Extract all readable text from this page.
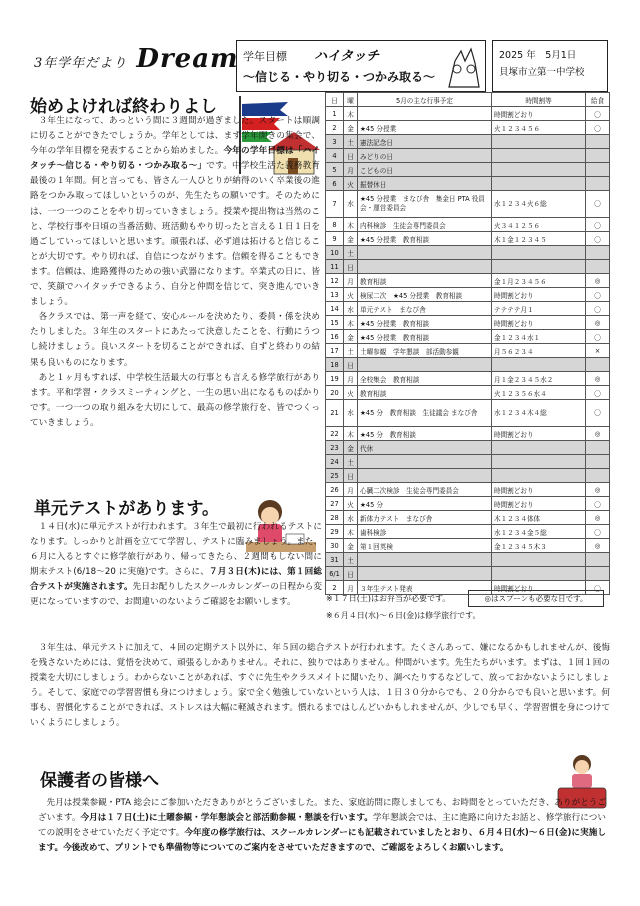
3年学年だより Dream 学年目標 ハイタッチ
～信じる・やり切る・つかみ取る～
2025 年　5月1日
貝塚市立第一中学校
始めよければ終わりよし

３年生になって、あっという間に３週間が過ぎました。スタートは順調に切ることができたでしょうか。学年としては、まず学年開きの集会で、今年の学年目標を発表することから始めました。今年の学年目標は「ハイタッチ～信じる・やり切る・つかみ取る～」です。中学校生活た義務教育最後の１年間。何と言っても、皆さん一人ひとりが納得のいく卒業後の進路をつかみ取ってほしいというのが、先生たちの願いです。そのためには、一つ一つのことをやり切っていきましょう。授業や提出物は当然のこと、学校行事や日頃の当番活動、班活動もやり切ったと言える１日１日を過ごしていってほしいと思います。頑張れば、必ず道は拓けると信じることが大切です。やり切れば、自信につながります。信頼を得ることもできます。信頼は、進路獲得のための強い武器になります。卒業式の日に、皆で、笑顔でハイタッチできるよう、自分と仲間を信じて、突き進んでいきましょう。

各クラスでは、第一声を経て、安心ルールを決めたり、委員・係を決めたりしました。３年生のスタートにあたって決意したことを、行動にうつし続けましょう。良いスタートを切ることができれば、自ずと終わりの結果も良いものになります。

あと１ヶ月もすれば、中学校生活最大の行事とも言える修学旅行があります。平和学習・クラスミーティングと、一生の思い出になるものばかりです。一つ一つの取り組みを大切にして、最高の修学旅行を、皆でつくっていきましょう。

単元テストがあります。

１４日(水)に単元テストが行われます。３年生で最初に行われるテストになります。しっかりと計画を立てて学習し、テストに臨みましょう。また、６月に入るとすぐに修学旅行があり、帰ってきたら、２週間もしない間に期末テスト(6/18～20 に実施)です。さらに、７月３日(木)には、第１回総合テストが実施されます。先日お配りしたスクールカレンダーの日程から変更になっていますので、お間違いのないようご確認をお願いします。

３年生は、単元テストに加えて、４回の定期テスト以外に、年５回の総合テストが行われます。たくさんあって、嫌になるかもしれませんが、後悔を残さないためには、覚悟を決めて、頑張るしかありません。それに、独りではありません。仲間がいます。先生たちがいます。まずは、１回１回の授業を大切にしましょう。わからないことがあれば、すぐに先生やクラスメイトに聞いたり、調べたりするなどして、放っておかないようにしましょう。そして、家庭での学習習慣も身につけましょう。家で全く勉強していないという人は、１日３０分からでも、２０分からでも良いと思います。何事も、習慣化することができれば、ストレスは大幅に軽減されます。慣れるまではしんどいかもしれませんが、少しでも早く、学習習慣を身につけていくようにしましょう。

保護者の皆様へ

先月は授業参観・PTA 総会にご参加いただきありがとうございました。また、家庭訪問に際しましても、お時間をとっていただき、ありがとうございます。今月は１７日(土)に土曜参観・学年懇談会と部活動参観・懇談を行います。学年懇談会では、主に進路に向けたお話と、修学旅行についての説明をさせていただく予定です。今年度の修学旅行は、スクールカレンダーにも記載されていましたとおり、６月４日(水)～６日(金)に実施します。今後改めて、プリントでも準備物等についてのご案内をさせていただきますので、ご確認をよろしくお願いします。

日	曜	5月の主な行事予定	時間割等	給食
1	木		時間割どおり	〇
2	金	★45 分授業	火１２３４５６	〇
3	土	憲法記念日		
4	日	みどりの日		
5	月	こどもの日		
6	火	振替休日		
7	水	★45 分授業　まなび舎　集金日 PTA 役員会・運営委員会	水１２３４火６総	〇
8	木	内科検診　生徒会専門委員会	火３４１２５６	〇
9	金	★45 分授業　教育相談	木１金１２３４５	〇
10	土			
11	日			
12	月	教育相談	金１月２３４５６	◎
13	火	検尿二次　★45 分授業　教育相談	時間割どおり	〇
14	水	単元テスト　まなび舎	テテテテ月１	〇
15	木	★45 分授業　教育相談	時間割どおり	◎
16	金	★45 分授業　教育相談	金１２３４水１	〇
17	土	土曜参観　学年懇談　部活動参観	月５６２３４	×
18	日			
19	月	全校集会　教育相談	月１金２３４５水２	◎
20	火	教育相談	火１２３５６水４	〇
21	水	★45 分　教育相談　生徒議会 まなび舎	水１２３４木４総	〇
22	木	★45 分　教育相談	時間割どおり	◎
23	金	代休		
24	土			
25	日			
26	月	心臓二次検診　生徒会専門委員会	時間割どおり	◎
27	火	★45 分	時間割どおり	〇
28	水	新体力テスト　まなび舎	木１２３４体体	◎
29	木	歯科検診	水１２３４金５総	〇
30	金	第１回英検	金１２３４５木３	◎
31	土			
6/1	日			
2	月	３年生テスト発表	時間割どおり	〇
※１７日(土)はお弁当が必要です。	◎はスプーンも必要な日です。
※６月４日(水)～６日(金)は修学旅行です。
